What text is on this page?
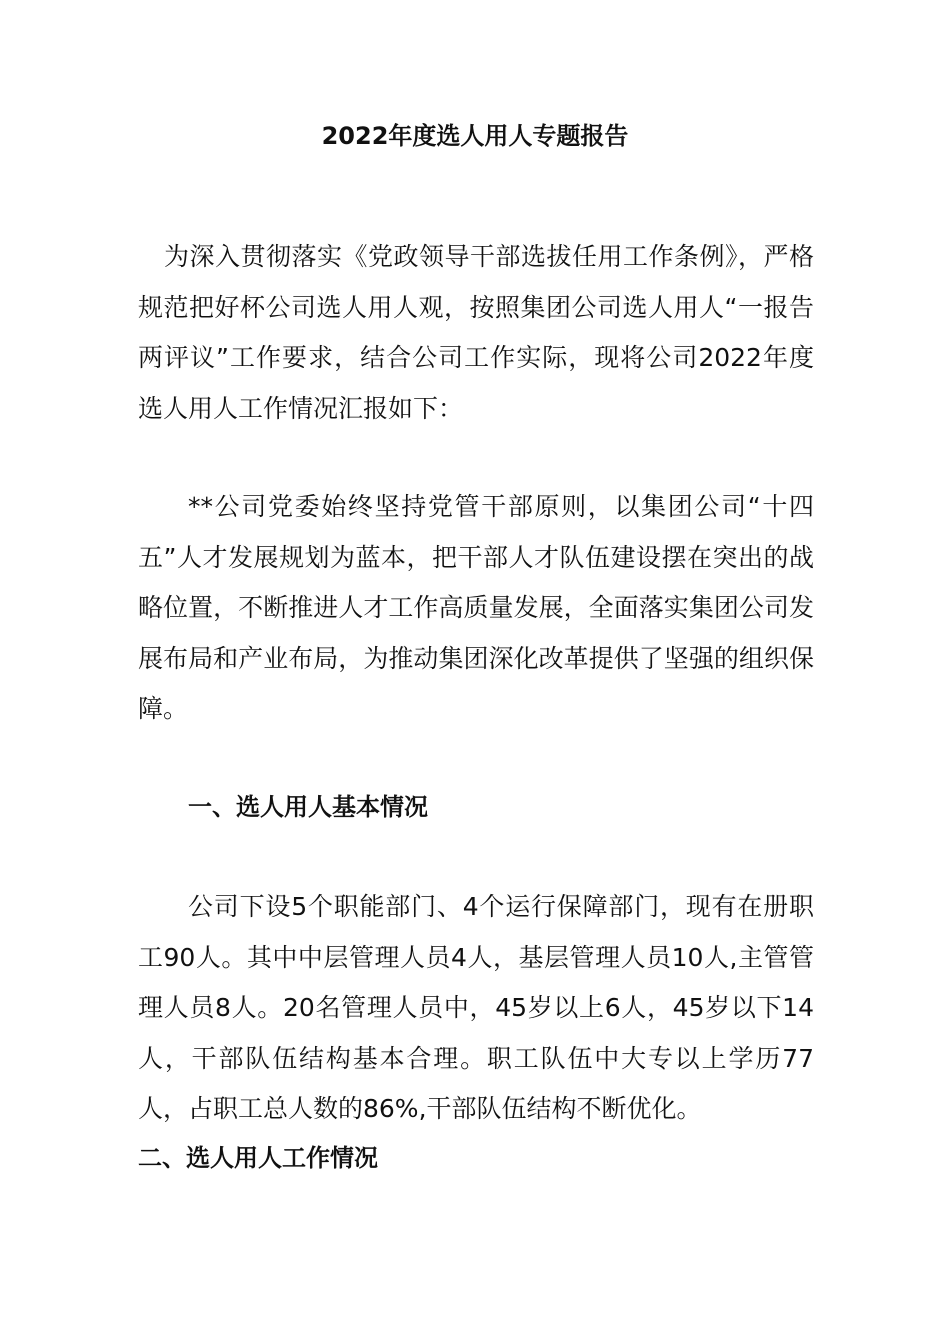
2022年度选人用人专题报告

为深入贯彻落实《党政领导干部选拔任用工作条例》，严格规范把好杯公司选人用人观，按照集团公司选人用人“一报告两评议”工作要求，结合公司工作实际，现将公司2022年度选人用人工作情况汇报如下：

**公司党委始终坚持党管干部原则，以集团公司“十四五”人才发展规划为蓝本，把干部人才队伍建设摆在突出的战略位置，不断推进人才工作高质量发展，全面落实集团公司发展布局和产业布局，为推动集团深化改革提供了坚强的组织保障。

一、选人用人基本情况

公司下设5个职能部门、4个运行保障部门，现有在册职工90人。其中中层管理人员4人，基层管理人员10人,主管管理人员8人。20名管理人员中，45岁以上6人，45岁以下14人，干部队伍结构基本合理。职工队伍中大专以上学历77人，占职工总人数的86%,干部队伍结构不断优化。

二、选人用人工作情况
